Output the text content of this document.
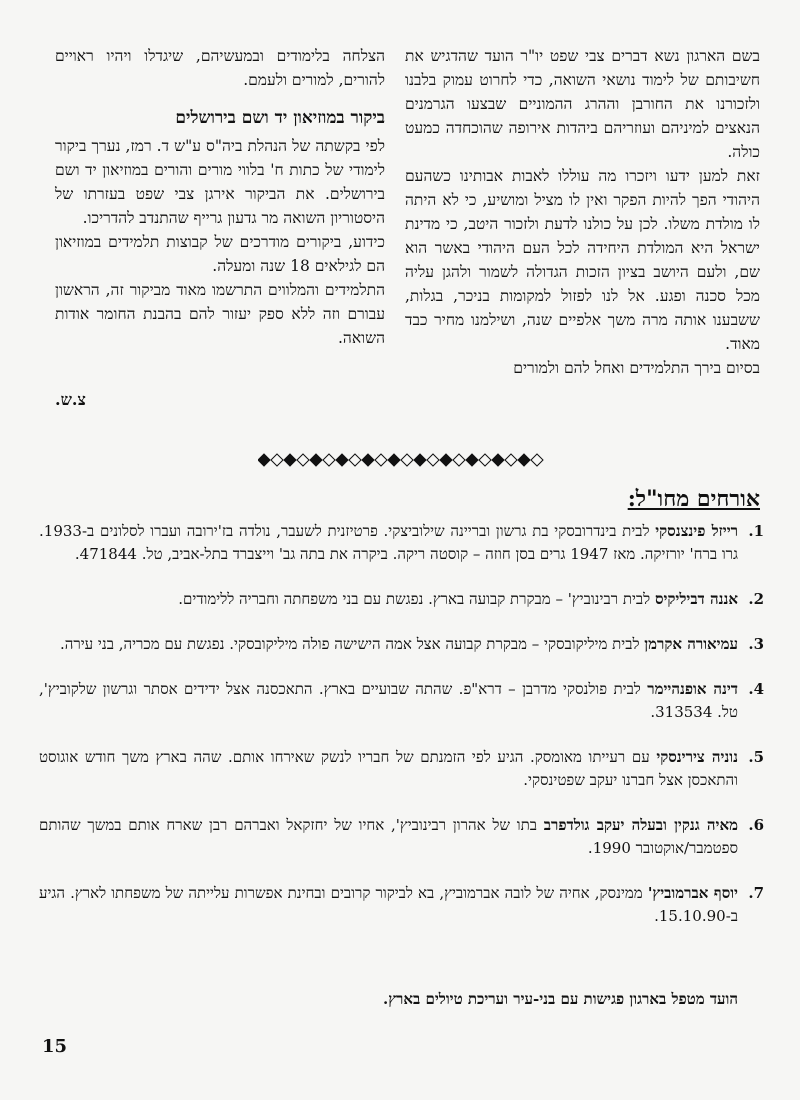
בשם הארגון נשא דברים צבי שפט יו"ר הועד שהדגיש את חשיבותם של לימוד נושאי השואה, כדי לחרוט עמוק בלבנו ולזכורנו את החורבן וההרג ההמוניים שבצעו הגרמנים הנאצים למיניהם ועוזריהם ביהדות אירופה שהוכחדה כמעט כולה.

זאת למען ידעו ויזכרו מה עוללו לאבות אבותינו כשהעם היהודי הפך להיות הפקר ואין לו מציל ומושיע, כי לא היתה לו מולדת משלו. לכן על כולנו לדעת ולזכור היטב, כי מדינת ישראל היא המולדת היחידה לכל העם היהודי באשר הוא שם, ולעם היושב בציון הזכות הגדולה לשמור ולהגן עליה מכל סכנה ופגע. אל לנו לפזול למקומות בניכר, בגלות, ששבענו אותה מרה משך אלפיים שנה, ושילמנו מחיר כבד מאוד.

בסיום בירך התלמידים ואחל להם ולמורים

הצלחה בלימודים ובמעשיהם, שיגדלו ויהיו ראויים להורים, למורים ולעמם.

ביקור במוזיאון יד ושם בירושלים

לפי בקשתה של הנהלת ביה"ס ע"ש ד. רמז, נערך ביקור לימודי של כתות ח' בלווי מורים והורים במוזיאון יד ושם בירושלים. את הביקור אירגן צבי שפט בעזרתו של היסטוריון השואה מר גדעון גרייף שהתנדב להדריכו.

כידוע, ביקורים מודרכים של קבוצות תלמידים במוזיאון הם לגילאים 18 שנה ומעלה.

התלמידים והמלווים התרשמו מאוד מביקור זה, הראשון עבורם וזה ללא ספק יעזור להם בהבנת החומר אודות השואה.

צ.ש.
אורחים מחו"ל:
1.
רייזל פינצנסקי לבית בינדרובסקי בת גרשון ובריינה שילוביצקי. פרטיזנית לשעבר, נולדה בז'ירובה ועברו לסלונים ב-1933. גרו ברח' יורזיקה. מאז 1947 גרים בסן חוזה – קוסטה ריקה. ביקרה את בתה גב' וייצברד בתל-אביב, טל. 471844.
2.
אננה דביליקיס לבית רבינוביץ' – מבקרת קבועה בארץ. נפגשת עם בני משפחתה וחבריה ללימודים.
3.
עמיאורה אקרמן לבית מיליקובסקי – מבקרת קבועה אצל אמה הישישה פולה מיליקובסקי. נפגשת עם מכריה, בני עירה.
4.
דינה אופנהיימר לבית פולנסקי מדרבן – דרא"פ. שהתה שבועיים בארץ. התאכסנה אצל ידידים אסתר וגרשון שלקוביץ', טל. 313534.
5.
נוניה צירינסקי עם רעייתו מאומסק. הגיע לפי הזמנתם של חבריו לנשק שאירחו אותם. שהה בארץ משך חודש אוגוסט והתאכסן אצל חברנו יעקב שפטינסקי.
6.
מאיה גנקין ובעלה יעקב גולדפרב בתו של אהרון רבינוביץ', אחיו של יחזקאל ואברהם רבן שארח אותם במשך שהותם ספטמבר/אוקטובר 1990.
7.
יוסף אברמוביץ' ממינסק, אחיה של לובה אברמוביץ, בא לביקור קרובים ובחינת אפשרות עלייתה של משפחתו לארץ. הגיע ב-15.10.90.
הועד מטפל בארגון פגישות עם בני-עיר ועריכת טיולים בארץ.
15
